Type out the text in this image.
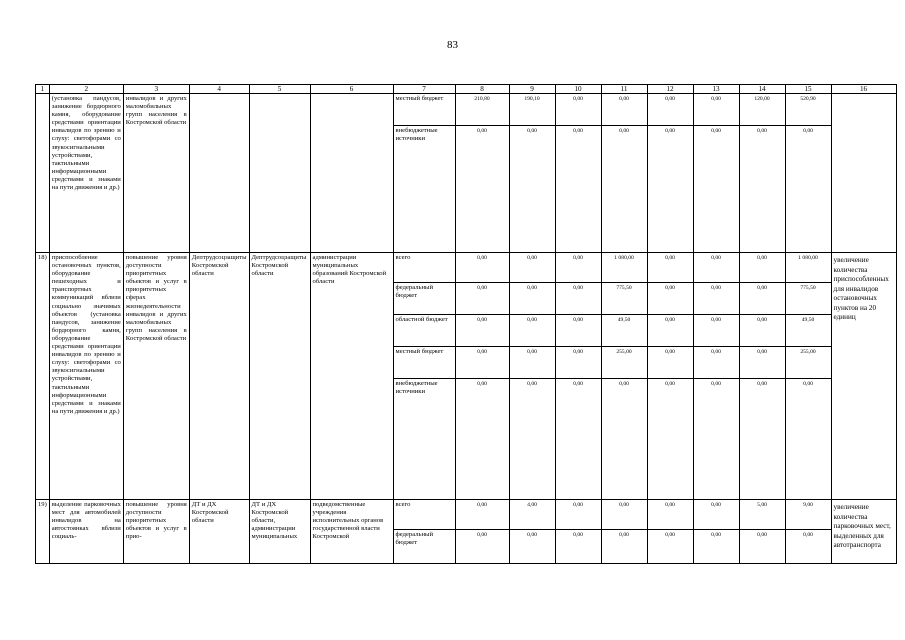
83
1	2	3	4	5	6	7	8	9	10	11	12	13	14	15	16
	(установка пандусов, занижение бордюрного камня, оборудование средствами ориентации инвалидов по зрению и слуху: светофорами со звукосигнальными устройствами, тактильными информационными средствами и знаками на пути движения и др.)	инвалидов и других маломобильных групп населения в Костромской области				местный бюджет	210,80	190,10	0,00	0,00	0,00	0,00	120,00	520,90	
						внебюджетные источники	0,00	0,00	0,00	0,00	0,00	0,00	0,00	0,00	
18)	приспособление остановочных пунктов, оборудование пешеходных и транспортных коммуникаций вблизи социально значимых объектов (установка пандусов, занижение бордюрного камня, оборудование средствами ориентации инвалидов по зрению и слуху: светофорами со звукосигнальными устройствами, тактильными информационными средствами и знаками на пути движения и др.)	повышение уровня доступности приоритетных объектов и услуг в приоритетных сферах жизнедеятельности инвалидов и других маломобильных групп населения в Костромской области	Дептрудсоцзащиты Костромской области	Дептрудсоцзащиты Костромской области	администрации муниципальных образований Костромской области	всего	0,00	0,00	0,00	1 080,00	0,00	0,00	0,00	1 080,00	увеличение количества приспособленных для инвалидов остановочных пунктов на 20 единиц
						федеральный бюджет	0,00	0,00	0,00	775,50	0,00	0,00	0,00	775,50	
						областной бюджет	0,00	0,00	0,00	49,50	0,00	0,00	0,00	49,50	
						местный бюджет	0,00	0,00	0,00	255,00	0,00	0,00	0,00	255,00	
						внебюджетные источники	0,00	0,00	0,00	0,00	0,00	0,00	0,00	0,00	
19)	выделение парковочных мест для автомобилей инвалидов на автостоянках вблизи социаль-	повышение уровня доступности приоритетных объектов и услуг в прио-	ДТ и ДХ Костромской области	ДТ и ДХ Костромской области, администрации муниципальных	подведомственные учреждения исполнительных органов государственной власти Костромской	всего	0,00	4,00	0,00	0,00	0,00	0,00	5,00	9,00	увеличение количества парковочных мест, выделенных для автотранспорта
						федеральный бюджет	0,00	0,00	0,00	0,00	0,00	0,00	0,00	0,00	
